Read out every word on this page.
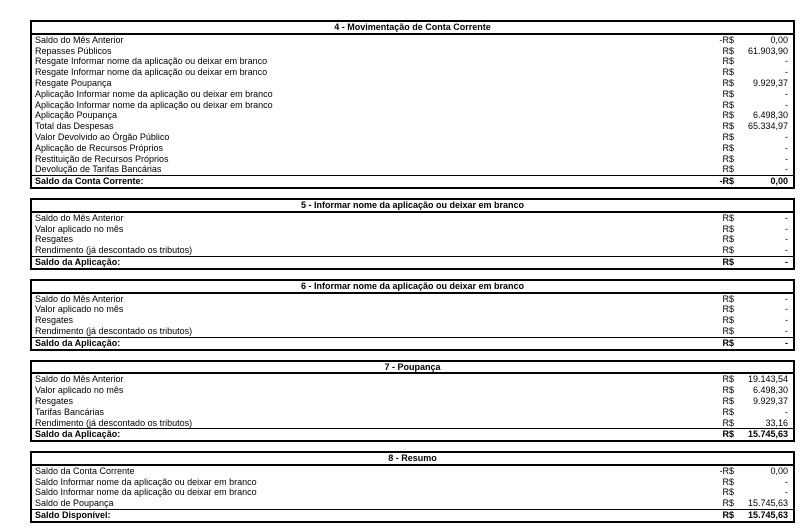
4 - Movimentação de Conta Corrente
Saldo do Mês Anterior	-R$	0,00
Repasses Públicos	R$	61.903,90
Resgate Informar nome da aplicação ou deixar em branco	R$	-
Resgate Informar nome da aplicação ou deixar em branco	R$	-
Resgate Poupança	R$	9.929,37
Aplicação Informar nome da aplicação ou deixar em branco	R$	-
Aplicação Informar nome da aplicação ou deixar em branco	R$	-
Aplicação Poupança	R$	6.498,30
Total das Despesas	R$	65.334,97
Valor Devolvido ao Órgão Público	R$	-
Aplicação de Recursos Próprios	R$	-
Restituição de Recursos Próprios	R$	-
Devolução de Tarifas Bancárias	R$	-
Saldo da Conta Corrente:	-R$	0,00
5 - Informar nome da aplicação ou deixar em branco
Saldo do Mês Anterior	R$	-
Valor aplicado no mês	R$	-
Resgates	R$	-
Rendimento (já descontado os tributos)	R$	-
Saldo da Aplicação:	R$	-
6 - Informar nome da aplicação ou deixar em branco
Saldo do Mês Anterior	R$	-
Valor aplicado no mês	R$	-
Resgates	R$	-
Rendimento (já descontado os tributos)	R$	-
Saldo da Aplicação:	R$	-
7 - Poupança
Saldo do Mês Anterior	R$	19.143,54
Valor aplicado no mês	R$	6.498,30
Resgates	R$	9.929,37
Tarifas Bancárias	R$	-
Rendimento (já descontado os tributos)	R$	33,16
Saldo da Aplicação:	R$	15.745,63
8 - Resumo
Saldo da Conta Corrente	-R$	0,00
Saldo Informar nome da aplicação ou deixar em branco	R$	-
Saldo Informar nome da aplicação ou deixar em branco	R$	-
Saldo de Poupança	R$	15.745,63
Saldo Disponível:	R$	15.745,63
